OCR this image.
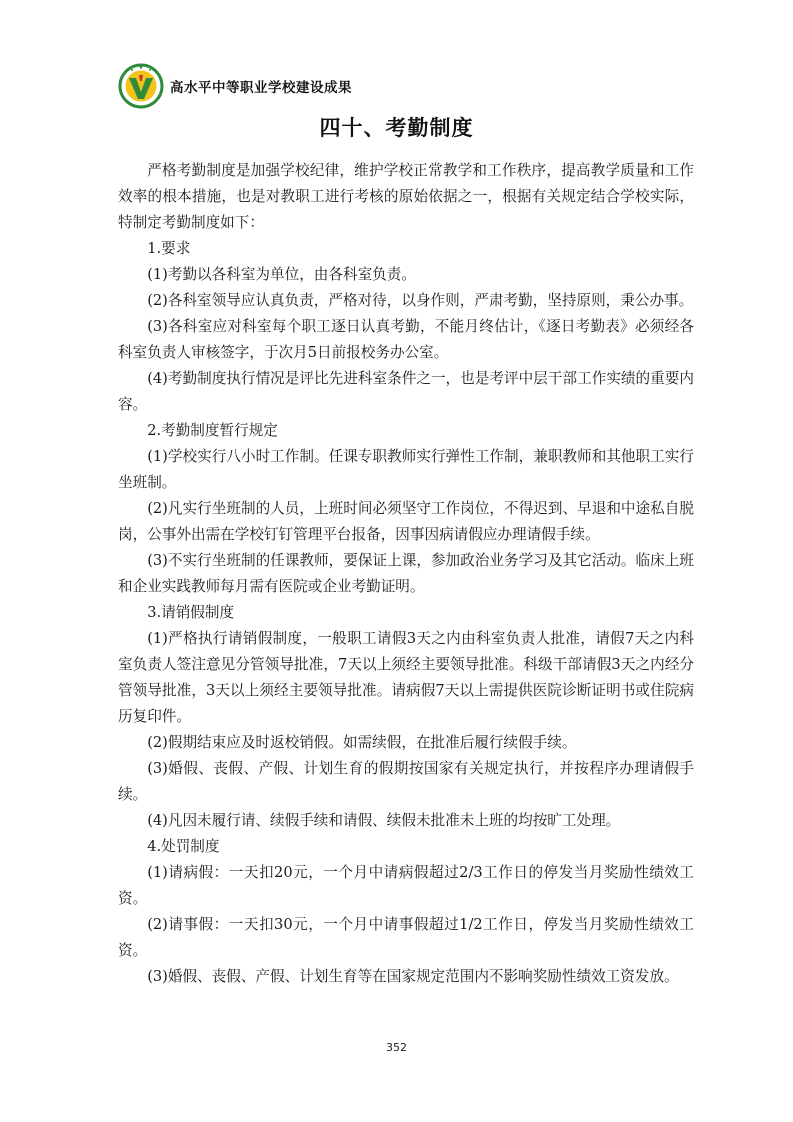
高水平中等职业学校建设成果
四十、考勤制度

严格考勤制度是加强学校纪律，维护学校正常教学和工作秩序，提高教学质量和工作效率的根本措施，也是对教职工进行考核的原始依据之一，根据有关规定结合学校实际，特制定考勤制度如下：

1.要求

(1)考勤以各科室为单位，由各科室负责。

(2)各科室领导应认真负责，严格对待，以身作则，严肃考勤，坚持原则，秉公办事。

(3)各科室应对科室每个职工逐日认真考勤，不能月终估计，《逐日考勤表》必须经各科室负责人审核签字，于次月5日前报校务办公室。

(4)考勤制度执行情况是评比先进科室条件之一，也是考评中层干部工作实绩的重要内容。

2.考勤制度暂行规定

(1)学校实行八小时工作制。任课专职教师实行弹性工作制，兼职教师和其他职工实行坐班制。

(2)凡实行坐班制的人员，上班时间必须坚守工作岗位，不得迟到、早退和中途私自脱岗，公事外出需在学校钉钉管理平台报备，因事因病请假应办理请假手续。

(3)不实行坐班制的任课教师，要保证上课，参加政治业务学习及其它活动。临床上班和企业实践教师每月需有医院或企业考勤证明。

3.请销假制度

(1)严格执行请销假制度，一般职工请假3天之内由科室负责人批准，请假7天之内科室负责人签注意见分管领导批准，7天以上须经主要领导批准。科级干部请假3天之内经分管领导批准，3天以上须经主要领导批准。请病假7天以上需提供医院诊断证明书或住院病历复印件。

(2)假期结束应及时返校销假。如需续假，在批准后履行续假手续。

(3)婚假、丧假、产假、计划生育的假期按国家有关规定执行，并按程序办理请假手续。

(4)凡因未履行请、续假手续和请假、续假未批准未上班的均按旷工处理。

4.处罚制度

(1)请病假：一天扣20元，一个月中请病假超过2/3工作日的停发当月奖励性绩效工资。

(2)请事假：一天扣30元，一个月中请事假超过1/2工作日，停发当月奖励性绩效工资。

(3)婚假、丧假、产假、计划生育等在国家规定范围内不影响奖励性绩效工资发放。

352
